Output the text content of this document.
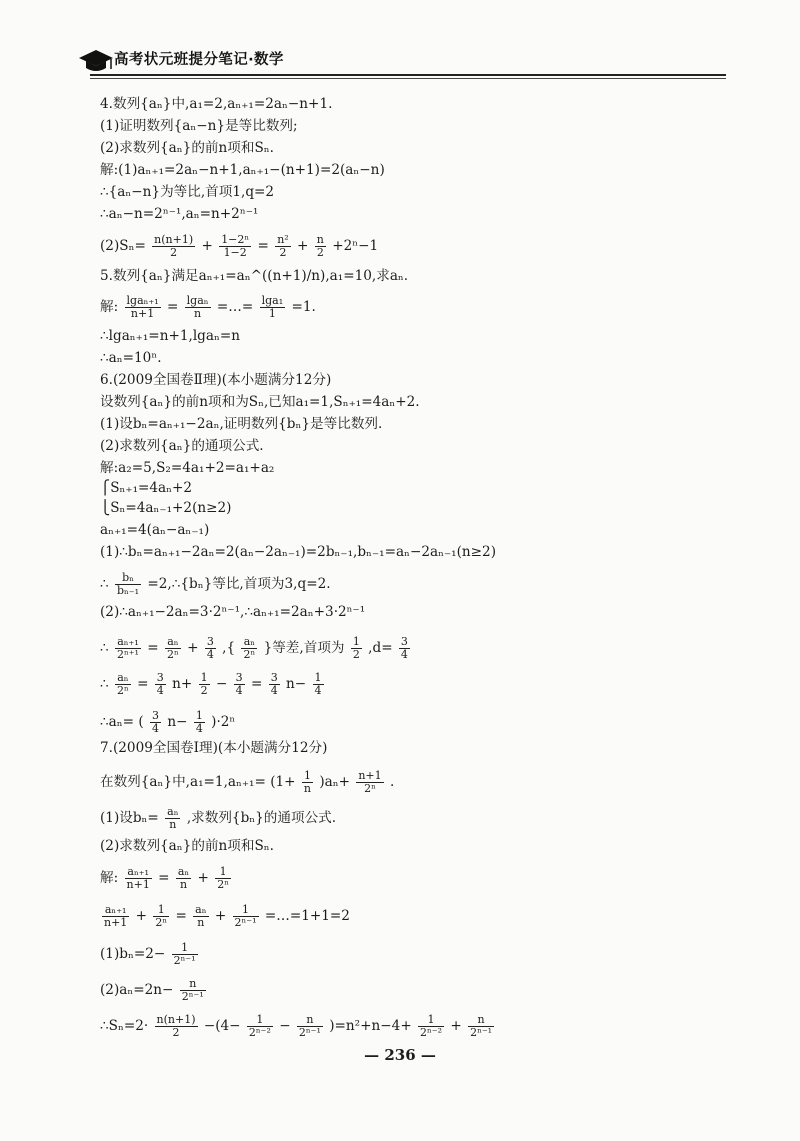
高考状元班提分笔记·数学
4.数列{aₙ}中,a₁=2,aₙ₊₁=2aₙ−n+1.
(1)证明数列{aₙ−n}是等比数列;
(2)求数列{aₙ}的前n项和Sₙ.
解:(1)aₙ₊₁=2aₙ−n+1,aₙ₊₁−(n+1)=2(aₙ−n)
∴{aₙ−n}为等比,首项1,q=2
∴aₙ−n=2ⁿ⁻¹,aₙ=n+2ⁿ⁻¹
$(2)S_n= \frac{n(n+1)}{2} + \frac{\text{1−2ⁿ}}{1-2} = \frac{\text{n²}}{2} + \frac{n}{2} +2^n-1$
5.数列{aₙ}满足aₙ₊₁=aₙ^((n+1)/n),a₁=10,求aₙ.
解: $\frac{\text{lgaₙ₊₁}}{n+1} = \frac{\text{lgaₙ}}{n}$ =…= $\frac{\text{lga₁}}{1} =1$.
∴lgaₙ₊₁=n+1,lgaₙ=n
∴aₙ=10ⁿ.
6.(2009全国卷Ⅱ理)(本小题满分12分)
设数列{aₙ}的前n项和为Sₙ,已知a₁=1,Sₙ₊₁=4aₙ+2.
(1)设bₙ=aₙ₊₁−2aₙ,证明数列{bₙ}是等比数列.
(2)求数列{aₙ}的通项公式.
解:a₂=5,S₂=4a₁+2=a₁+a₂
⎧Sₙ₊₁=4aₙ+2
⎩Sₙ=4aₙ₋₁+2(n≥2)
aₙ₊₁=4(aₙ−aₙ₋₁)
(1)∴bₙ=aₙ₊₁−2aₙ=2(aₙ−2aₙ₋₁)=2bₙ₋₁,bₙ₋₁=aₙ−2aₙ₋₁(n≥2)
∴ $\frac{\text{bₙ}}{\text{bₙ₋₁}}$ =2,∴{bₙ}等比,首项为3,q=2.
(2)∴aₙ₊₁−2aₙ=3·2ⁿ⁻¹,∴aₙ₊₁=2aₙ+3·2ⁿ⁻¹
∴ $\frac{\text{aₙ₊₁}}{\text{2ⁿ⁺¹}} = \frac{\text{aₙ}}{\text{2ⁿ}} + \frac{3}{4}$ ,{ $\frac{\text{aₙ}}{\text{2ⁿ}}$ }等差,首项为 $\frac{1}{2} ,d= \frac{3}{4}$
∴ $\frac{\text{aₙ}}{\text{2ⁿ}} = \frac{3}{4} n+ \frac{1}{2} - \frac{3}{4} = \frac{3}{4} n- \frac{1}{4}$
∴aₙ= ( $\frac{3}{4} n- \frac{1}{4} )\cdot 2^n$
7.(2009全国卷Ⅰ理)(本小题满分12分)
在数列{aₙ}中$,a_1=1,a_{n+1}= (1+ \frac{1}{n} )a_n+ \frac{n+1}{\text{2ⁿ}}$ .
(1)设$b_n= \frac{\text{aₙ}}{n}$ ,求数列{bₙ}的通项公式.
(2)求数列{aₙ}的前n项和Sₙ.
解: $\frac{\text{aₙ₊₁}}{n+1} = \frac{\text{aₙ}}{n} + \frac{1}{\text{2ⁿ}}$
$\frac{\text{aₙ₊₁}}{n+1} + \frac{1}{\text{2ⁿ}} = \frac{\text{aₙ}}{n} + \frac{1}{\text{2ⁿ⁻¹}}$ =…=1+1=2
$(1)b_n=2- \frac{1}{\text{2ⁿ⁻¹}}$
$(2)a_n=2n- \frac{n}{\text{2ⁿ⁻¹}}$
∴Sₙ=2· $\frac{n(n+1)}{2} -(4- \frac{1}{\text{2ⁿ⁻²}} - \frac{n}{\text{2ⁿ⁻¹}} )=n^2+n-4+ \frac{1}{\text{2ⁿ⁻²}} + \frac{n}{\text{2ⁿ⁻¹}}$
— 236 —
